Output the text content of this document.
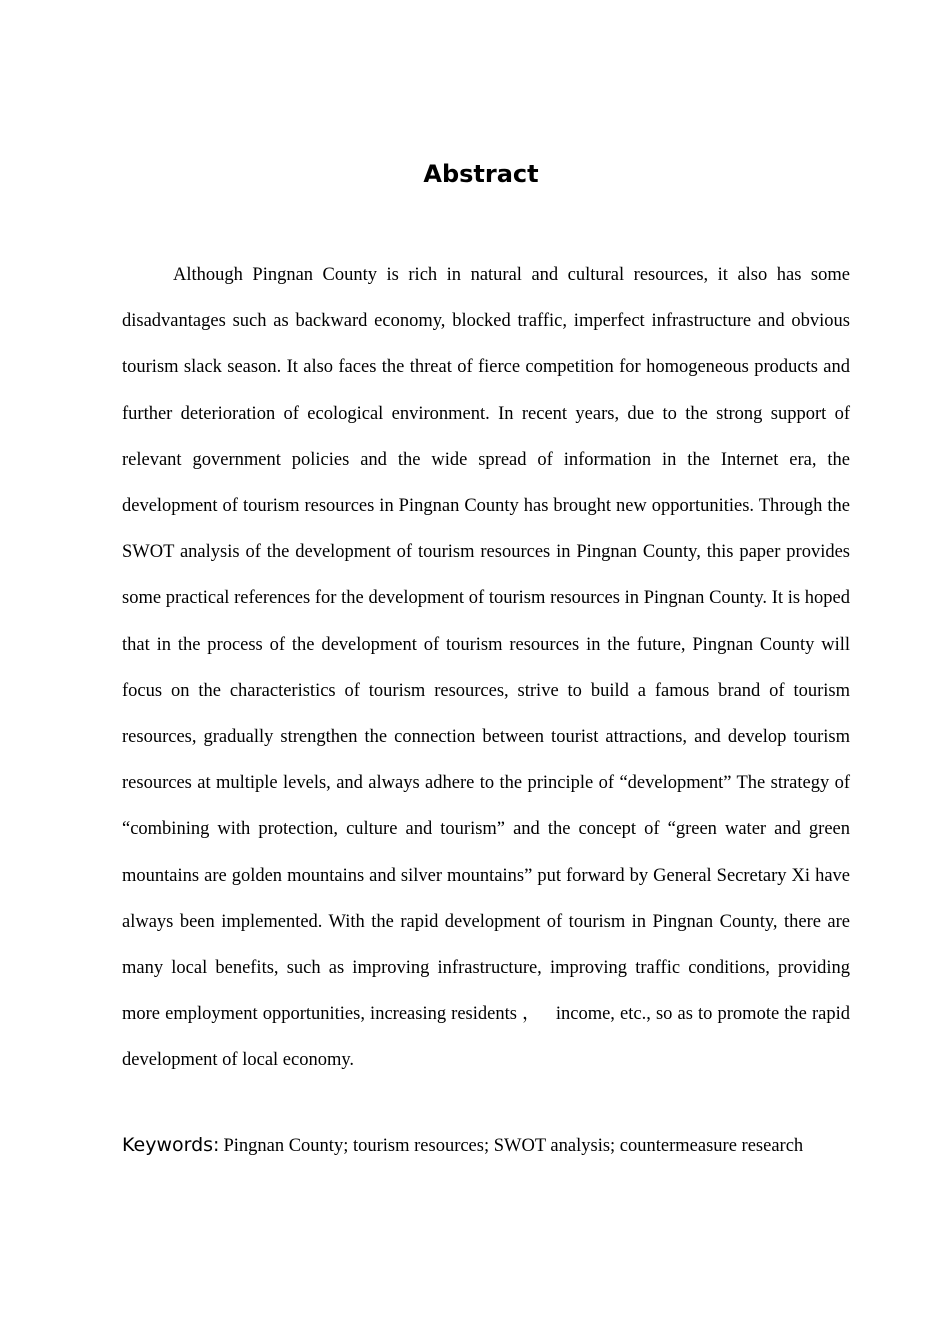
Abstract

Although Pingnan County is rich in natural and cultural resources, it also has some disadvantages such as backward economy, blocked traffic, imperfect infrastructure and obvious tourism slack season. It also faces the threat of fierce competition for homogeneous products and further deterioration of ecological environment. In recent years, due to the strong support of relevant government policies and the wide spread of information in the Internet era, the development of tourism resources in Pingnan County has brought new opportunities. Through the SWOT analysis of the development of tourism resources in Pingnan County, this paper provides some practical references for the development of tourism resources in Pingnan County. It is hoped that in the process of the development of tourism resources in the future, Pingnan County will focus on the characteristics of tourism resources, strive to build a famous brand of tourism resources, gradually strengthen the connection between tourist attractions, and develop tourism resources at multiple levels, and always adhere to the principle of “development” The strategy of “combining with protection, culture and tourism” and the concept of “green water and green mountains are golden mountains and silver mountains” put forward by General Secretary Xi have always been implemented. With the rapid development of tourism in Pingnan County, there are many local benefits, such as improving infrastructure, improving traffic conditions, providing more employment opportunities, increasing residents ，　 income, etc., so as to promote the rapid development of local economy.

Keywords: Pingnan County; tourism resources; SWOT analysis; countermeasure research
